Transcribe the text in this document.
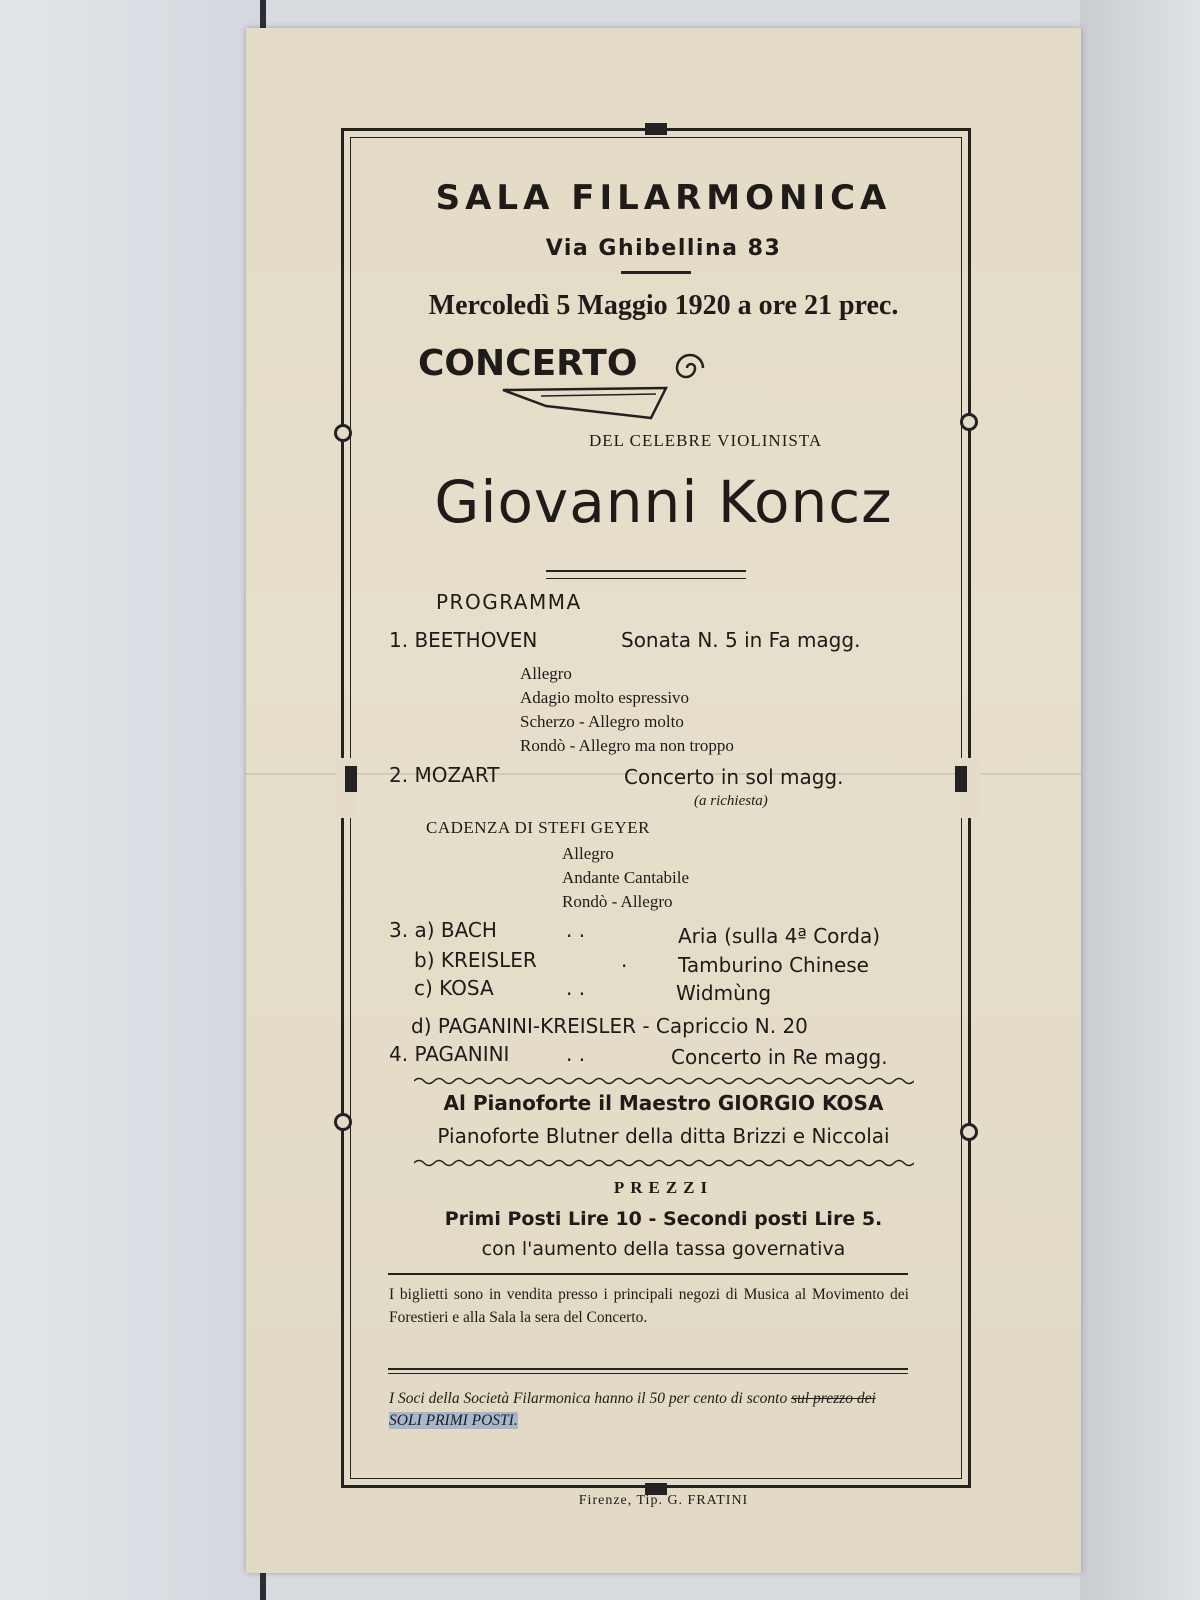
SALA FILARMONICA

Via Ghibellina 83

Mercoledì 5 Maggio 1920 a ore 21 prec.

CONCERTO

DEL CELEBRE VIOLINISTA

Giovanni Koncz

PROGRAMMA

1. BEETHOVEN	Sonata N. 5 in Fa magg.

Allegro

Adagio molto espressivo

Scherzo - Allegro molto

Rondò - Allegro ma non troppo

2. MOZART	Concerto in sol magg.

(a richiesta)

CADENZA DI STEFI GEYER

Allegro

Andante Cantabile

Rondò - Allegro

3. a) BACH	. .	Aria (sulla 4ª Corda)

b) KREISLER	.	Tamburino Chinese

c) KOSA	. .	Widmùng

d) PAGANINI-KREISLER - Capriccio N. 20

4. PAGANINI	. .	Concerto in Re magg.

Al Pianoforte il Maestro GIORGIO KOSA

Pianoforte Blutner della ditta Brizzi e Niccolai

PREZZI

Primi Posti Lire 10 - Secondi posti Lire 5.

con l'aumento della tassa governativa

I biglietti sono in vendita presso i principali negozi di Musica al Movimento dei Forestieri e alla Sala la sera del Concerto.

I Soci della Società Filarmonica hanno il 50 per cento di sconto sul prezzo dei SOLI PRIMI POSTI.

Firenze, Tip. G. FRATINI
